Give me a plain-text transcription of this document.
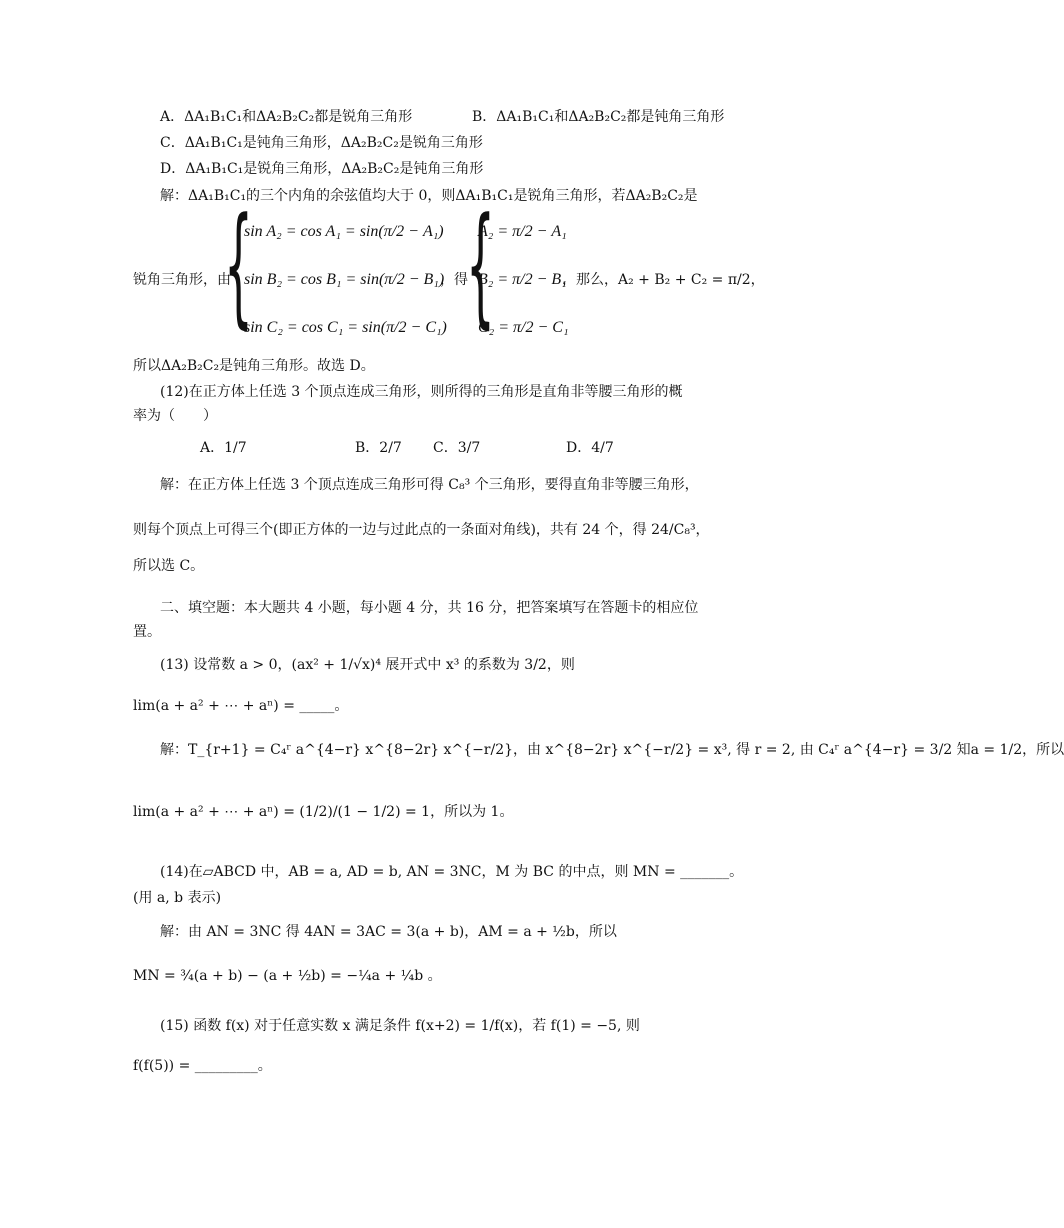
A．ΔA₁B₁C₁和ΔA₂B₂C₂都是锐角三角形	B．ΔA₁B₁C₁和ΔA₂B₂C₂都是钝角三角形
C．ΔA₁B₁C₁是钝角三角形，ΔA₂B₂C₂是锐角三角形
D．ΔA₁B₁C₁是锐角三角形，ΔA₂B₂C₂是钝角三角形
解：ΔA₁B₁C₁的三个内角的余弦值均大于 0，则ΔA₁B₁C₁是锐角三角形，若ΔA₂B₂C₂是
锐角三角形，由
{
sin A₂ = cos A₁ = sin(π/2 − A₁)
sin B₂ = cos B₁ = sin(π/2 − B₁)
sin C₂ = cos C₁ = sin(π/2 − C₁)
，得
{
A₂ = π/2 − A₁
B₂ = π/2 − B₁
C₂ = π/2 − C₁
，那么，A₂ + B₂ + C₂ = π/2，
所以ΔA₂B₂C₂是钝角三角形。故选 D。
(12)在正方体上任选 3 个顶点连成三角形，则所得的三角形是直角非等腰三角形的概
率为（　　）
A．1/7	B．2/7 C．3/7	D．4/7
解：在正方体上任选 3 个顶点连成三角形可得 C₈³ 个三角形，要得直角非等腰三角形，
则每个顶点上可得三个(即正方体的一边与过此点的一条面对角线)，共有 24 个，得 24/C₈³，
所以选 C。
二、填空题：本大题共 4 小题，每小题 4 分，共 16 分，把答案填写在答题卡的相应位
置。
(13) 设常数 a > 0，(ax² + 1/√x)⁴ 展开式中 x³ 的系数为 3/2，则
lim(a + a² + ⋯ + aⁿ) = _____。
解：T_{r+1} = C₄ʳ a^{4−r} x^{8−2r} x^{−r/2}，由 x^{8−2r} x^{−r/2} = x³, 得 r = 2, 由 C₄ʳ a^{4−r} = 3/2 知a = 1/2，所以
lim(a + a² + ⋯ + aⁿ) = (1/2)/(1 − 1/2) = 1，所以为 1。
(14)在▱ABCD 中，AB = a, AD = b, AN = 3NC，M 为 BC 的中点，则 MN = _______。
(用 a, b 表示)
解：由 AN = 3NC 得 4AN = 3AC = 3(a + b)，AM = a + ½b，所以
MN = ¾(a + b) − (a + ½b) = −¼a + ¼b 。
(15) 函数 f(x) 对于任意实数 x 满足条件 f(x+2) = 1/f(x)，若 f(1) = −5, 则
f(f(5)) = _________。
